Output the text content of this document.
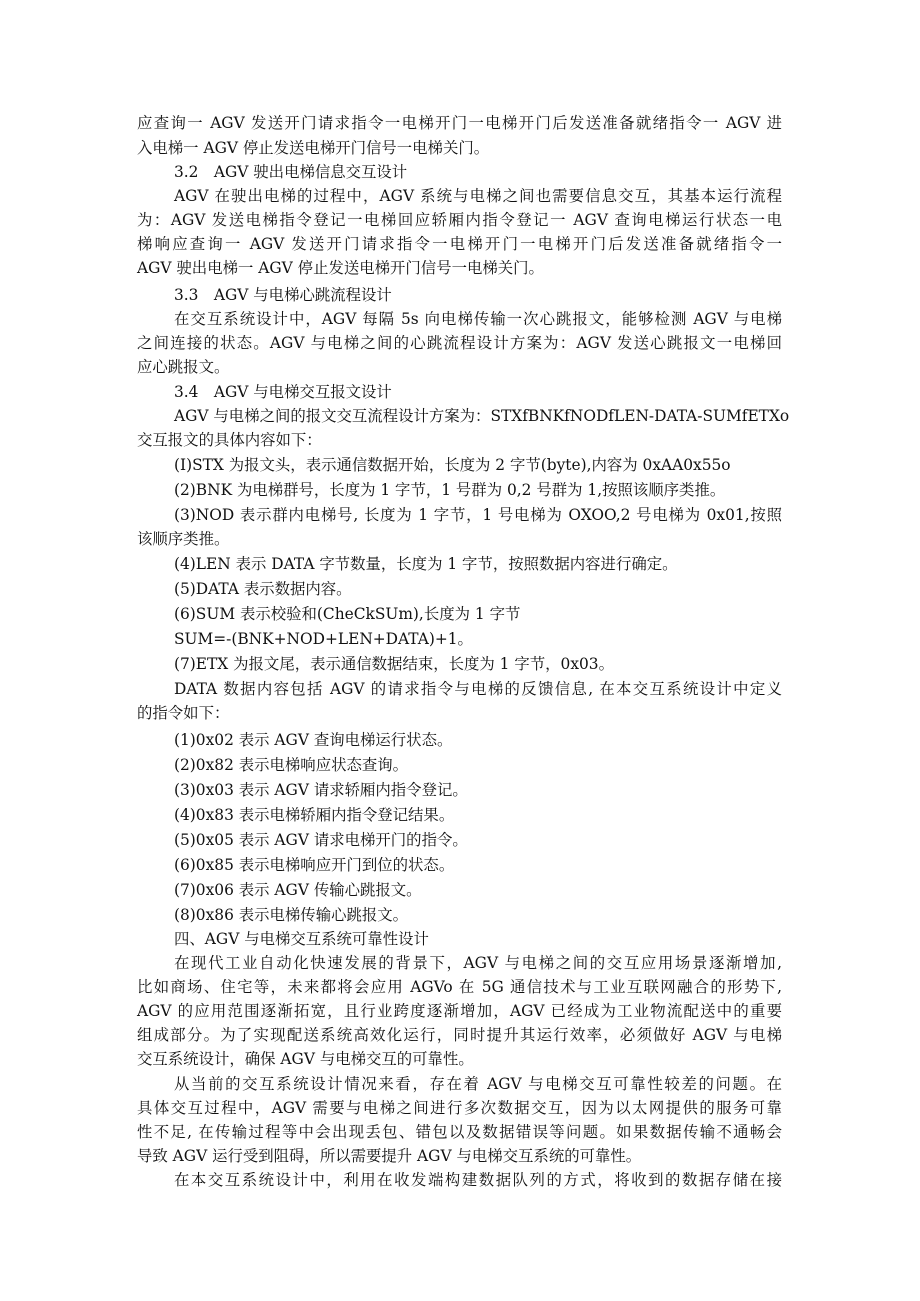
应查询一 AGV 发送开门请求指令一电梯开门一电梯开门后发送准备就绪指令一 AGV 进
入电梯一 AGV 停止发送电梯开门信号一电梯关门。
3.2　AGV 驶出电梯信息交互设计
AGV 在驶出电梯的过程中，AGV 系统与电梯之间也需要信息交互，其基本运行流程
为：AGV 发送电梯指令登记一电梯回应轿厢内指令登记一 AGV 查询电梯运行状态一电
梯响应查询一 AGV 发送开门请求指令一电梯开门一电梯开门后发送准备就绪指令一
AGV 驶出电梯一 AGV 停止发送电梯开门信号一电梯关门。
3.3　AGV 与电梯心跳流程设计
在交互系统设计中，AGV 每隔 5s 向电梯传输一次心跳报文，能够检测 AGV 与电梯
之间连接的状态。AGV 与电梯之间的心跳流程设计方案为：AGV 发送心跳报文一电梯回
应心跳报文。
3.4　AGV 与电梯交互报文设计
AGV 与电梯之间的报文交互流程设计方案为：STXfBNKfNODfLEN-DATA-SUMfETXo
交互报文的具体内容如下：
(I)STX 为报文头，表示通信数据开始，长度为 2 字节(byte),内容为 0xAA0x55o
(2)BNK 为电梯群号，长度为 1 字节，1 号群为 0,2 号群为 1,按照该顺序类推。
(3)NOD 表示群内电梯号, 长度为 1 字节，1 号电梯为 OXOO,2 号电梯为 0x01,按照
该顺序类推。
(4)LEN 表示 DATA 字节数量，长度为 1 字节，按照数据内容进行确定。
(5)DATA 表示数据内容。
(6)SUM 表示校验和(CheCkSUm),长度为 1 字节
SUM=-(BNK+NOD+LEN+DATA)+1。
(7)ETX 为报文尾，表示通信数据结束，长度为 1 字节，0x03。
DATA 数据内容包括 AGV 的请求指令与电梯的反馈信息, 在本交互系统设计中定义
的指令如下：
(1)0x02 表示 AGV 查询电梯运行状态。
(2)0x82 表示电梯响应状态查询。
(3)0x03 表示 AGV 请求轿厢内指令登记。
(4)0x83 表示电梯轿厢内指令登记结果。
(5)0x05 表示 AGV 请求电梯开门的指令。
(6)0x85 表示电梯响应开门到位的状态。
(7)0x06 表示 AGV 传输心跳报文。
(8)0x86 表示电梯传输心跳报文。
四、AGV 与电梯交互系统可靠性设计
在现代工业自动化快速发展的背景下，AGV 与电梯之间的交互应用场景逐渐增加,
比如商场、住宅等，未来都将会应用 AGVo 在 5G 通信技术与工业互联网融合的形势下,
AGV 的应用范围逐渐拓宽，且行业跨度逐渐增加，AGV 已经成为工业物流配送中的重要
组成部分。为了实现配送系统高效化运行，同时提升其运行效率，必须做好 AGV 与电梯
交互系统设计，确保 AGV 与电梯交互的可靠性。
从当前的交互系统设计情况来看，存在着 AGV 与电梯交互可靠性较差的问题。在
具体交互过程中，AGV 需要与电梯之间进行多次数据交互，因为以太网提供的服务可靠
性不足, 在传输过程等中会出现丢包、错包以及数据错误等问题。如果数据传输不通畅会
导致 AGV 运行受到阻碍，所以需要提升 AGV 与电梯交互系统的可靠性。
在本交互系统设计中，利用在收发端构建数据队列的方式，将收到的数据存储在接
